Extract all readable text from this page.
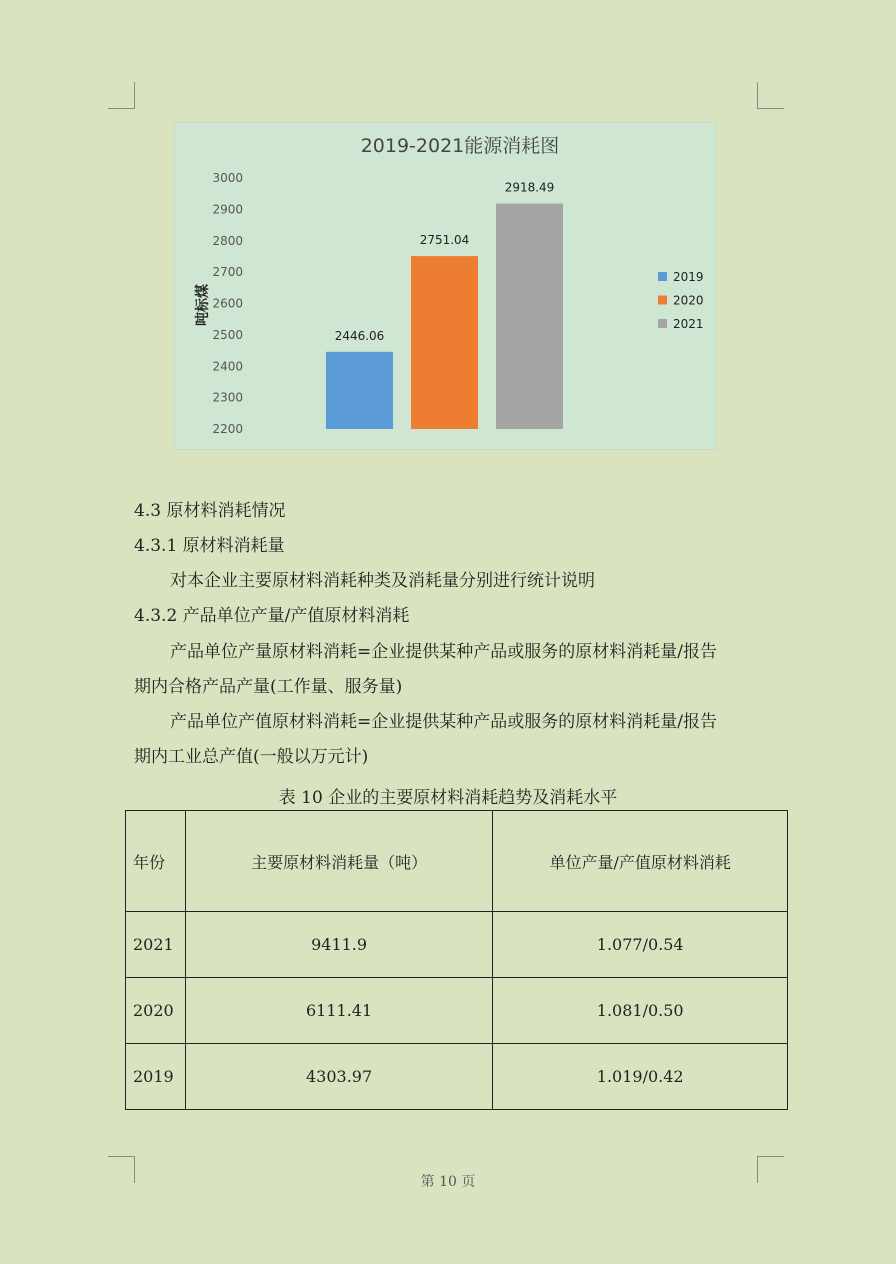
2019-2021能源消耗图
吨标煤
3000
2900
2800
2700
2600
2500
2400
2300
2200
2446.06
2751.04
2918.49
2019
2020
2021
4.3 原材料消耗情况
4.3.1 原材料消耗量
对本企业主要原材料消耗种类及消耗量分别进行统计说明
4.3.2 产品单位产量/产值原材料消耗
产品单位产量原材料消耗=企业提供某种产品或服务的原材料消耗量/报告
期内合格产品产量(工作量、服务量)
产品单位产值原材料消耗=企业提供某种产品或服务的原材料消耗量/报告
期内工业总产值(一般以万元计)
表 10 企业的主要原材料消耗趋势及消耗水平
年份	主要原材料消耗量（吨）	单位产量/产值原材料消耗
2021	9411.9	1.077/0.54
2020	6111.41	1.081/0.50
2019	4303.97	1.019/0.42
第 10 页
